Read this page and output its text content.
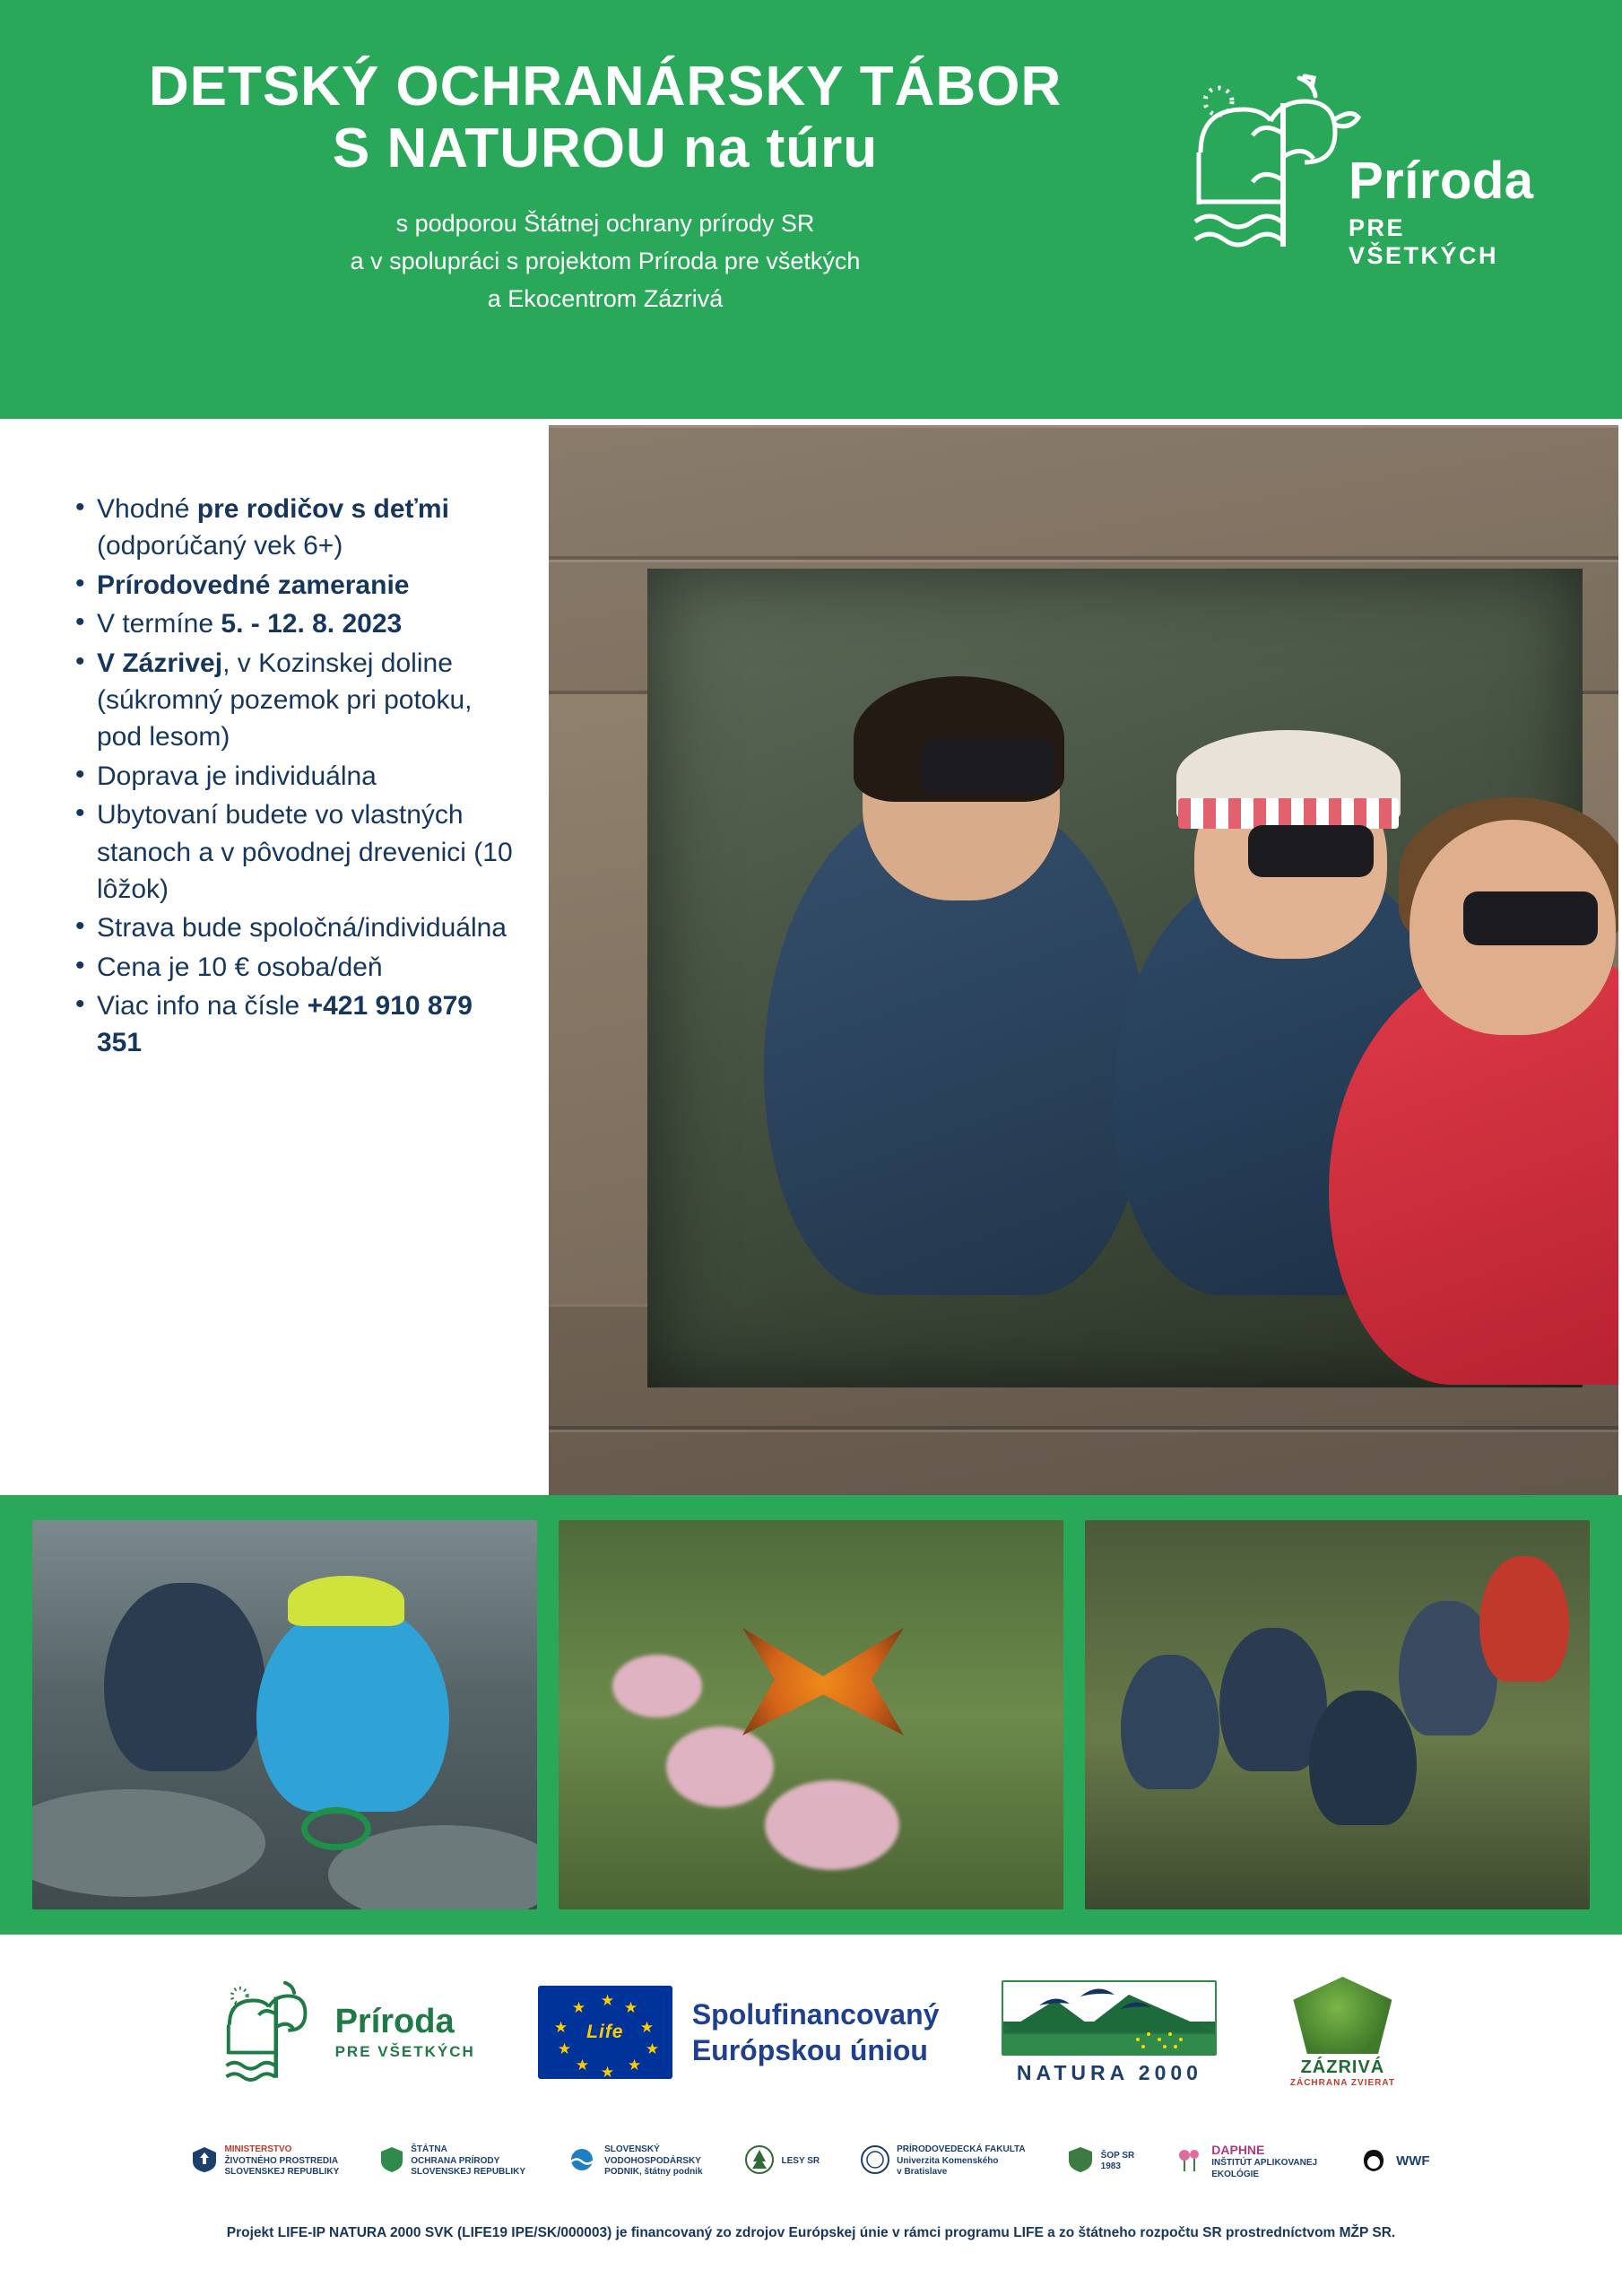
DETSKÝ OCHRANÁRSKY TÁBOR
S NATUROU na túru
s podporou Štátnej ochrany prírody SR
a v spolupráci s projektom Príroda pre všetkých
a Ekocentrom Zázrivá
Príroda
PRE VŠETKÝCH
• Vhodné pre rodičov s deťmi (odporúčaný vek 6+)
• Prírodovedné zameranie
• V termíne 5. - 12. 8. 2023
• V Zázrivej, v Kozinskej doline (súkromný pozemok pri potoku, pod lesom)
• Doprava je individuálna
• Ubytovaní budete vo vlastných stanoch a v pôvodnej drevenici (10 lôžok)
• Strava bude spoločná/individuálna
• Cena je 10 € osoba/deň
• Viac info na čísle +421 910 879 351
Príroda
PRE VŠETKÝCH
★ ★
★
★
★
★
★
★
★
★
Life
Spolufinancovaný
Európskou úniou
NATURA 2000	ZÁZRIVÁ
ZÁCHRANA ZVIERAT
MINISTERSTVO
ŽIVOTNÉHO PROSTREDIA
SLOVENSKEJ REPUBLIKY
ŠTÁTNA
OCHRANA PRÍRODY
SLOVENSKEJ REPUBLIKY
SLOVENSKÝ
VODOHOSPODÁRSKY
PODNIK, štátny podnik
LESY SR
PRÍRODOVEDECKÁ FAKULTA
Univerzita Komenského
v Bratislave
ŠOP SR
1983
DAPHNE
INŠTITÚT APLIKOVANEJ
EKOLÓGIE
WWF
Projekt LIFE-IP NATURA 2000 SVK (LIFE19 IPE/SK/000003) je financovaný zo zdrojov Európskej únie v rámci programu LIFE a zo štátneho rozpočtu SR prostredníctvom MŽP SR.
